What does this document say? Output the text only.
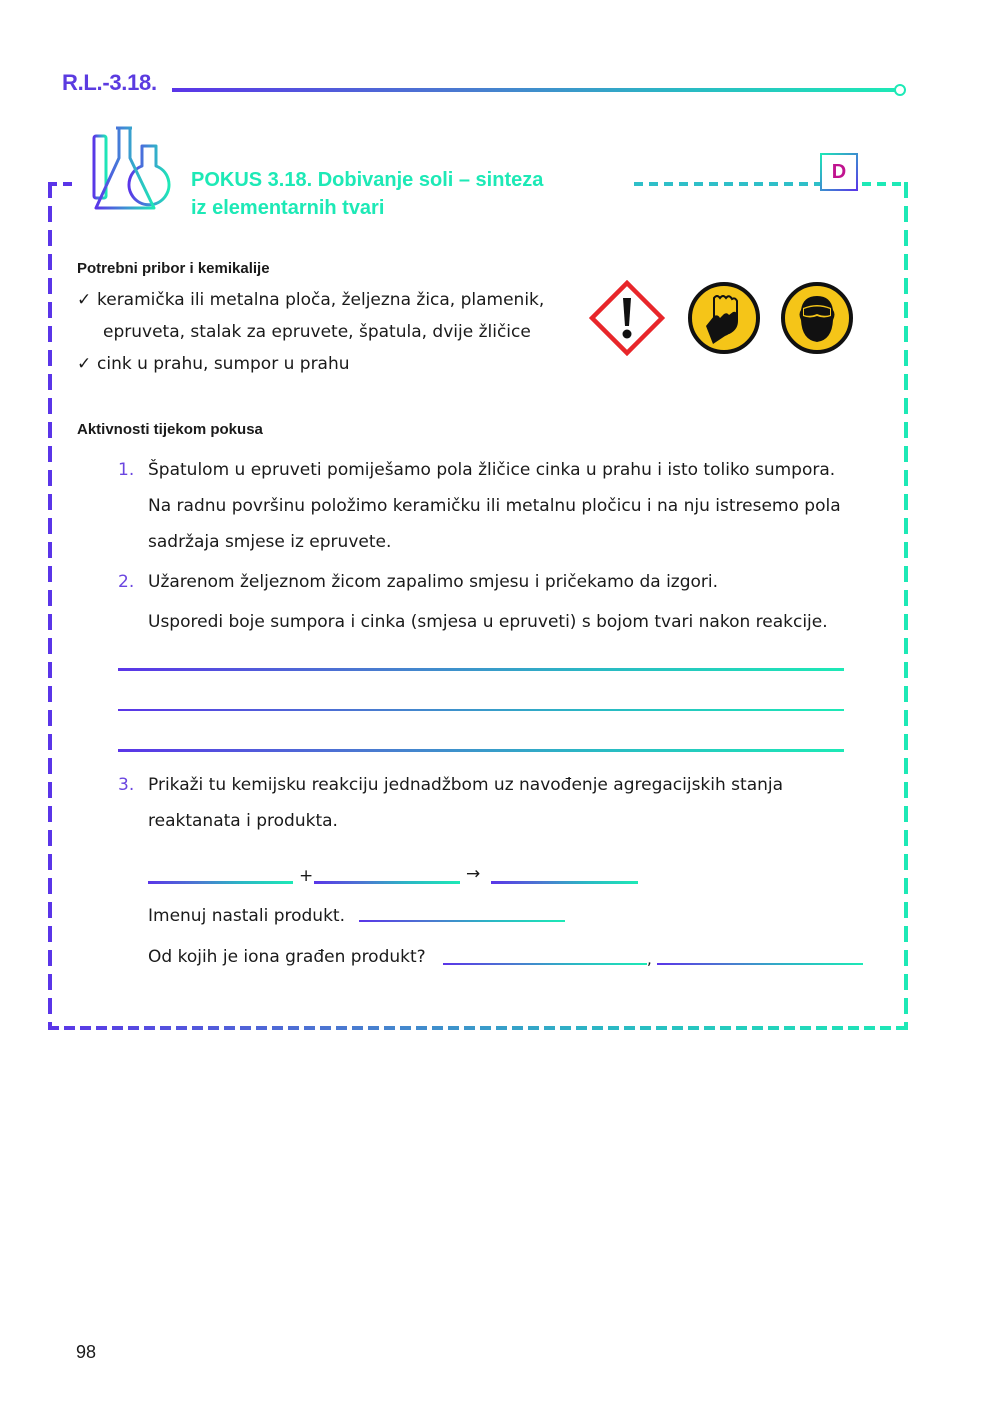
R.L.-3.18.
POKUS 3.18. Dobivanje soli – sinteza
iz elementarnih tvari
D
Potrebni pribor i kemikalije
✓ keramička ili metalna ploča, željezna žica, plamenik,
epruveta, stalak za epruvete, špatula, dvije žličice
✓ cink u prahu, sumpor u prahu
Aktivnosti tijekom pokusa
1. Špatulom u epruveti pomiješamo pola žličice cinka u prahu i isto toliko sumpora.
Na radnu površinu položimo keramičku ili metalnu pločicu i na nju istresemo pola
sadržaja smjese iz epruvete.
2. Užarenom željeznom žicom zapalimo smjesu i pričekamo da izgori.
Usporedi boje sumpora i cinka (smjesa u epruveti) s bojom tvari nakon reakcije.
3. Prikaži tu kemijsku reakciju jednadžbom uz navođenje agregacijskih stanja
reaktanata i produkta.
+	→
Imenuj nastali produkt.
Od kojih je iona građen produkt?	,
98
